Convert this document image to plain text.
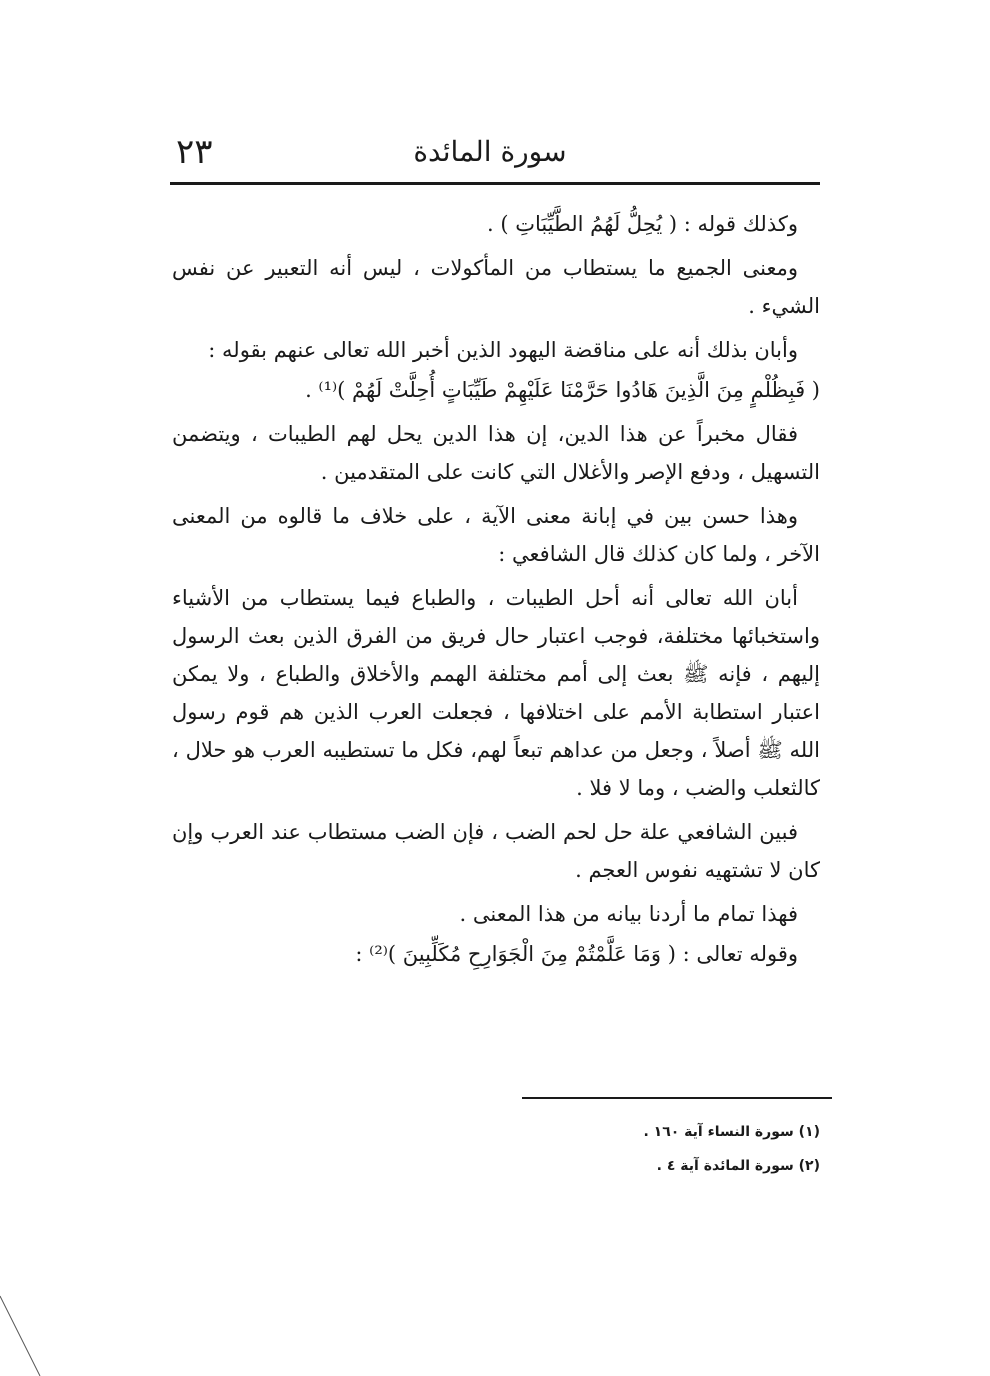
٢٣	سورة المائدة

وكذلك قوله : ( يُحِلُّ لَهُمُ الطَّيِّبَاتِ ) .

ومعنى الجميع ما يستطاب من المأكولات ، ليس أنه التعبير عن نفس الشيء .

وأبان بذلك أنه على مناقضة اليهود الذين أخبر الله تعالى عنهم بقوله :

( فَبِظُلْمٍ مِنَ الَّذِينَ هَادُوا حَرَّمْنَا عَلَيْهِمْ طَيِّبَاتٍ أُحِلَّتْ لَهُمْ )⁽¹⁾ .

فقال مخبراً عن هذا الدين، إن هذا الدين يحل لهم الطيبات ، ويتضمن التسهيل ، ودفع الإصر والأغلال التي كانت على المتقدمين .

وهذا حسن بين في إبانة معنى الآية ، على خلاف ما قالوه من المعنى الآخر ، ولما كان كذلك قال الشافعي :

أبان الله تعالى أنه أحل الطيبات ، والطباع فيما يستطاب من الأشياء واستخبائها مختلفة، فوجب اعتبار حال فريق من الفرق الذين بعث الرسول إليهم ، فإنه ﷺ بعث إلى أمم مختلفة الهمم والأخلاق والطباع ، ولا يمكن اعتبار استطابة الأمم على اختلافها ، فجعلت العرب الذين هم قوم رسول الله ﷺ أصلاً ، وجعل من عداهم تبعاً لهم، فكل ما تستطيبه العرب هو حلال ، كالثعلب والضب ، وما لا فلا .

فبين الشافعي علة حل لحم الضب ، فإن الضب مستطاب عند العرب وإن كان لا تشتهيه نفوس العجم .

فهذا تمام ما أردنا بيانه من هذا المعنى .

وقوله تعالى : ( وَمَا عَلَّمْتُمْ مِنَ الْجَوَارِحِ مُكَلِّبِينَ )⁽²⁾ :

(١) سورة النساء آية ١٦٠ .
(٢) سورة المائدة آية ٤ .
